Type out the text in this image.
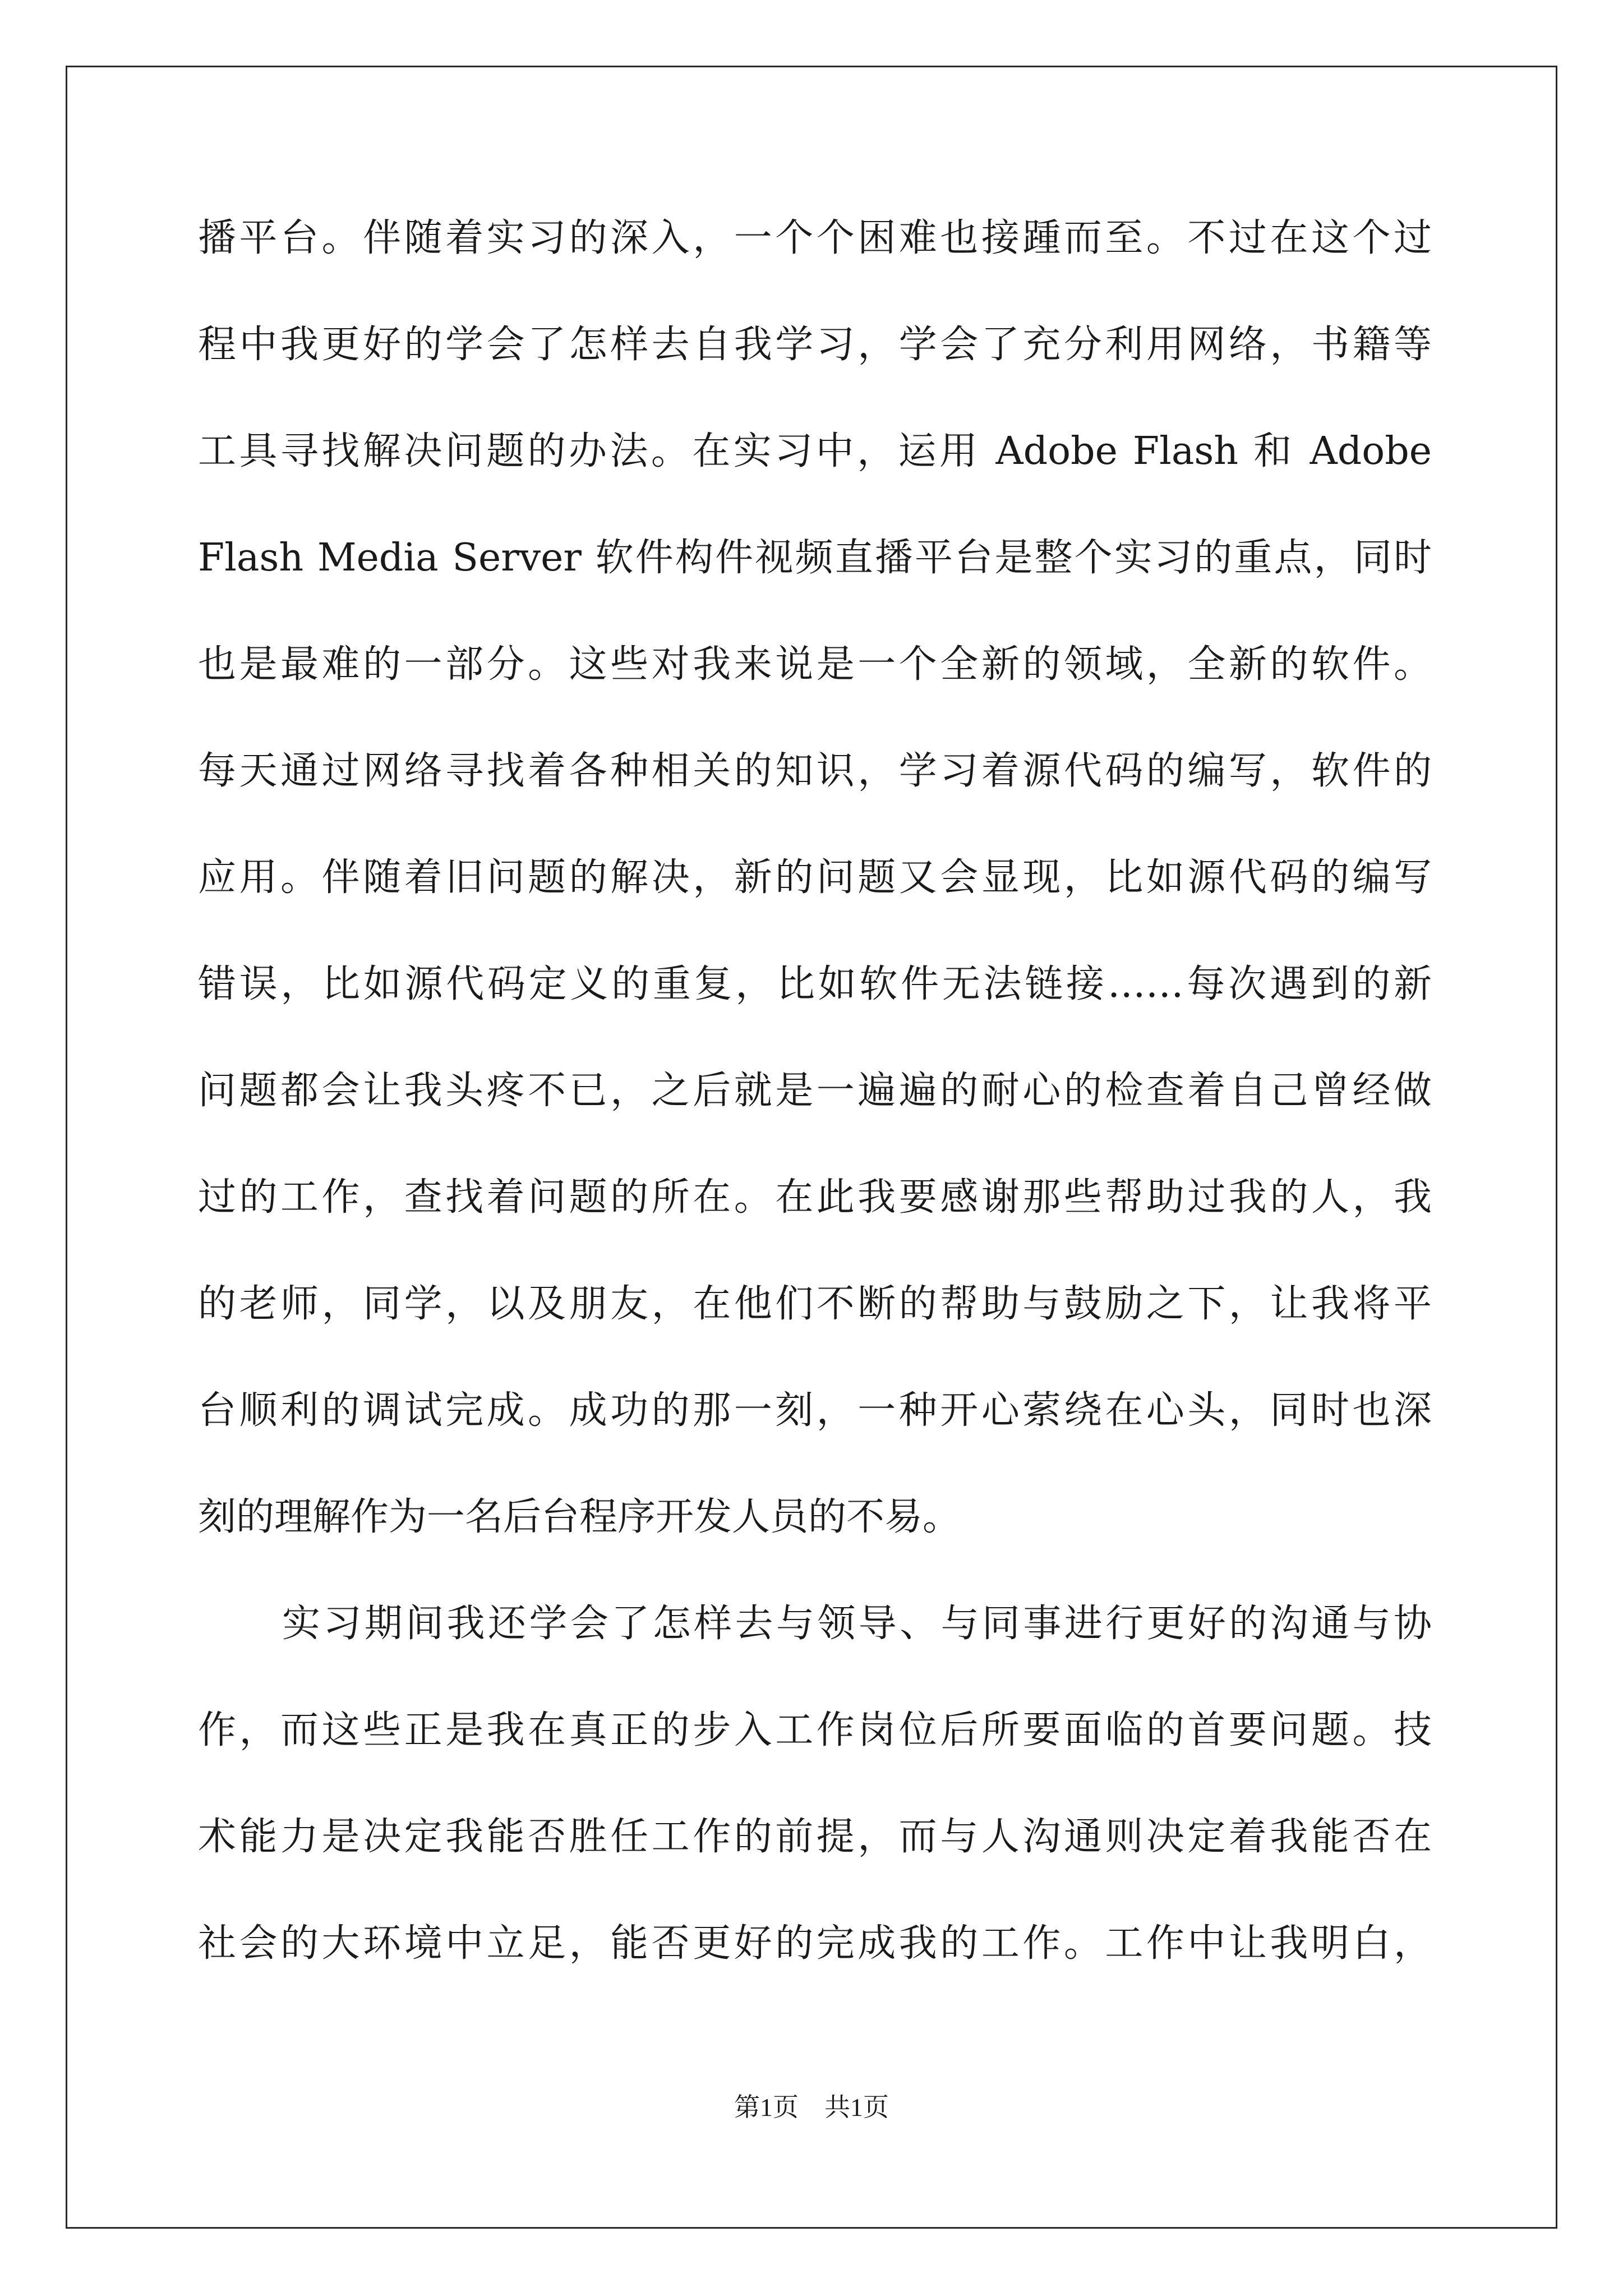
播平台。伴随着实习的深入，一个个困难也接踵而至。不过在这个过
程中我更好的学会了怎样去自我学习，学会了充分利用网络，书籍等
工具寻找解决问题的办法。在实习中，运用 Adobe Flash 和 Adobe
Flash Media Server 软件构件视频直播平台是整个实习的重点，同时
也是最难的一部分。这些对我来说是一个全新的领域，全新的软件。
每天通过网络寻找着各种相关的知识，学习着源代码的编写，软件的
应用。伴随着旧问题的解决，新的问题又会显现，比如源代码的编写
错误，比如源代码定义的重复，比如软件无法链接……每次遇到的新
问题都会让我头疼不已，之后就是一遍遍的耐心的检查着自己曾经做
过的工作，查找着问题的所在。在此我要感谢那些帮助过我的人，我
的老师，同学，以及朋友，在他们不断的帮助与鼓励之下，让我将平
台顺利的调试完成。成功的那一刻，一种开心萦绕在心头，同时也深
刻的理解作为一名后台程序开发人员的不易。
实习期间我还学会了怎样去与领导、与同事进行更好的沟通与协
作，而这些正是我在真正的步入工作岗位后所要面临的首要问题。技
术能力是决定我能否胜任工作的前提，而与人沟通则决定着我能否在
社会的大环境中立足，能否更好的完成我的工作。工作中让我明白，
第1页　共1页
